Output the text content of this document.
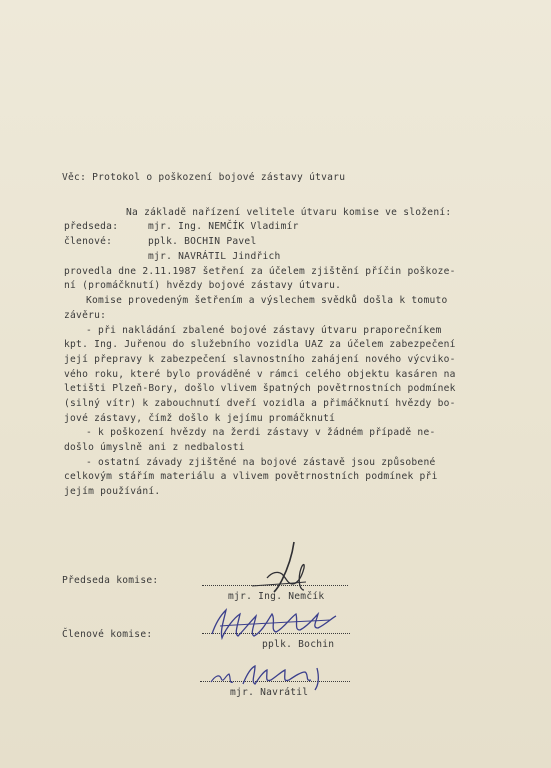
Věc: Protokol o poškození bojové zástavy útvaru
Na základě nařízení velitele útvaru komise ve složení:
předseda:	mjr. Ing. NEMČÍK Vladimír
členové:	pplk. BOCHIN Pavel
mjr. NAVRÁTIL Jindřich
provedla dne 2.11.1987 šetření za účelem zjištění příčin poškoze-
ní (promáčknutí) hvězdy bojové zástavy útvaru.
Komise provedeným šetřením a výslechem svědků došla k tomuto
závěru:
- při nakládání zbalené bojové zástavy útvaru praporečníkem
kpt. Ing. Juřenou do služebního vozidla UAZ za účelem zabezpečení
její přepravy k zabezpečení slavnostního zahájení nového výcviko-
vého roku, které bylo prováděné v rámci celého objektu kasáren na
letišti Plzeň-Bory, došlo vlivem špatných povětrnostních podmínek
(silný vítr) k zabouchnutí dveří vozidla a přimáčknutí hvězdy bo-
jové zástavy, čímž došlo k jejímu promáčknutí
- k poškození hvězdy na žerdi zástavy v žádném případě ne-
došlo úmyslně ani z nedbalosti
- ostatní závady zjištěné na bojové zástavě jsou způsobené
celkovým stářím materiálu a vlivem povětrnostních podmínek při
jejím používání.
Předseda komise:
mjr. Ing. Nemčík
Členové komise:
pplk. Bochin
mjr. Navrátil
